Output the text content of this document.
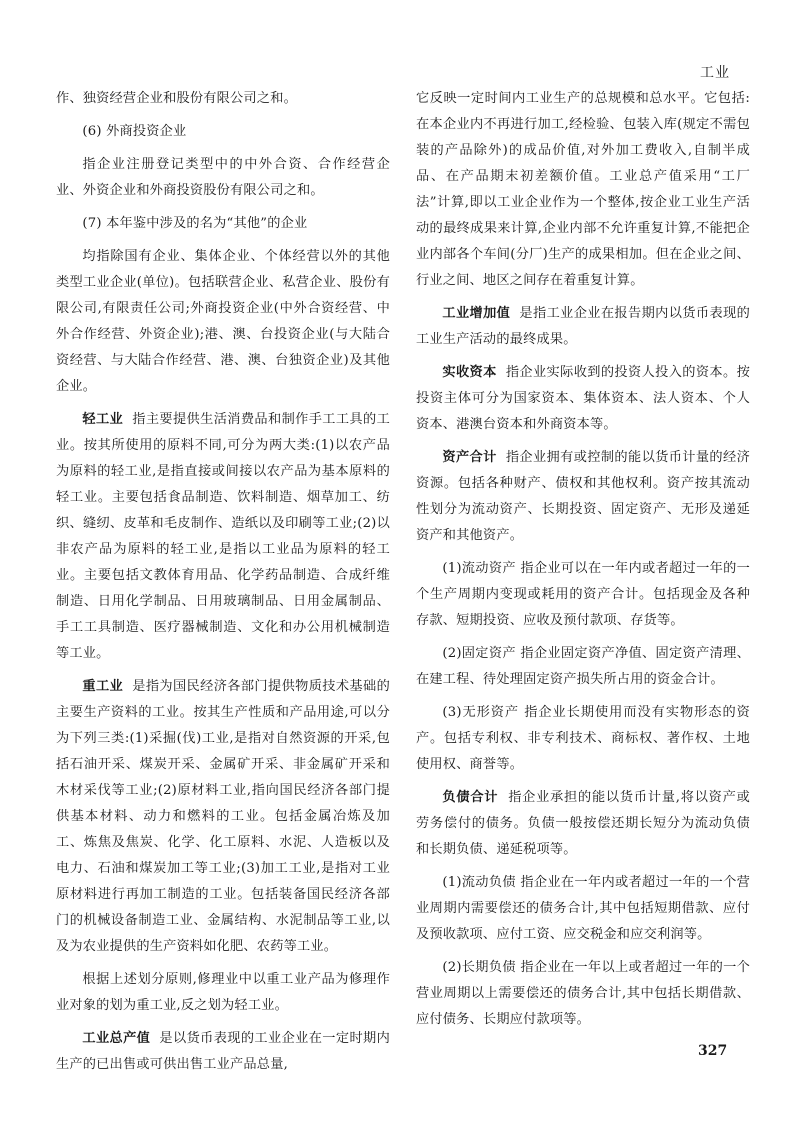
工业

作、独资经营企业和股份有限公司之和。

(6) 外商投资企业

指企业注册登记类型中的中外合资、合作经营企业、外资企业和外商投资股份有限公司之和。

(7) 本年鉴中涉及的名为“其他”的企业

均指除国有企业、集体企业、个体经营以外的其他类型工业企业(单位)。包括联营企业、私营企业、股份有限公司,有限责任公司;外商投资企业(中外合资经营、中外合作经营、外资企业);港、澳、台投资企业(与大陆合资经营、与大陆合作经营、港、澳、台独资企业)及其他企业。

轻工业 指主要提供生活消费品和制作手工工具的工业。按其所使用的原料不同,可分为两大类:(1)以农产品为原料的轻工业,是指直接或间接以农产品为基本原料的轻工业。主要包括食品制造、饮料制造、烟草加工、纺织、缝纫、皮革和毛皮制作、造纸以及印刷等工业;(2)以非农产品为原料的轻工业,是指以工业品为原料的轻工业。主要包括文教体育用品、化学药品制造、合成纤维制造、日用化学制品、日用玻璃制品、日用金属制品、手工工具制造、医疗器械制造、文化和办公用机械制造等工业。

重工业 是指为国民经济各部门提供物质技术基础的主要生产资料的工业。按其生产性质和产品用途,可以分为下列三类:(1)采掘(伐)工业,是指对自然资源的开采,包括石油开采、煤炭开采、金属矿开采、非金属矿开采和木材采伐等工业;(2)原材料工业,指向国民经济各部门提供基本材料、动力和燃料的工业。包括金属冶炼及加工、炼焦及焦炭、化学、化工原料、水泥、人造板以及电力、石油和煤炭加工等工业;(3)加工工业,是指对工业原材料进行再加工制造的工业。包括装备国民经济各部门的机械设备制造工业、金属结构、水泥制品等工业,以及为农业提供的生产资料如化肥、农药等工业。

根据上述划分原则,修理业中以重工业产品为修理作业对象的划为重工业,反之划为轻工业。

工业总产值 是以货币表现的工业企业在一定时期内生产的已出售或可供出售工业产品总量,

它反映一定时间内工业生产的总规模和总水平。它包括:在本企业内不再进行加工,经检验、包装入库(规定不需包装的产品除外)的成品价值,对外加工费收入,自制半成品、在产品期末初差额价值。工业总产值采用“工厂法”计算,即以工业企业作为一个整体,按企业工业生产活动的最终成果来计算,企业内部不允许重复计算,不能把企业内部各个车间(分厂)生产的成果相加。但在企业之间、行业之间、地区之间存在着重复计算。

工业增加值 是指工业企业在报告期内以货币表现的工业生产活动的最终成果。

实收资本 指企业实际收到的投资人投入的资本。按投资主体可分为国家资本、集体资本、法人资本、个人资本、港澳台资本和外商资本等。

资产合计 指企业拥有或控制的能以货币计量的经济资源。包括各种财产、债权和其他权利。资产按其流动性划分为流动资产、长期投资、固定资产、无形及递延资产和其他资产。

(1)流动资产 指企业可以在一年内或者超过一年的一个生产周期内变现或耗用的资产合计。包括现金及各种存款、短期投资、应收及预付款项、存货等。

(2)固定资产 指企业固定资产净值、固定资产清理、在建工程、待处理固定资产损失所占用的资金合计。

(3)无形资产 指企业长期使用而没有实物形态的资产。包括专利权、非专利技术、商标权、著作权、土地使用权、商誉等。

负债合计 指企业承担的能以货币计量,将以资产或劳务偿付的债务。负债一般按偿还期长短分为流动负债和长期负债、递延税项等。

(1)流动负债 指企业在一年内或者超过一年的一个营业周期内需要偿还的债务合计,其中包括短期借款、应付及预收款项、应付工资、应交税金和应交利润等。

(2)长期负债 指企业在一年以上或者超过一年的一个营业周期以上需要偿还的债务合计,其中包括长期借款、应付债务、长期应付款项等。

327
